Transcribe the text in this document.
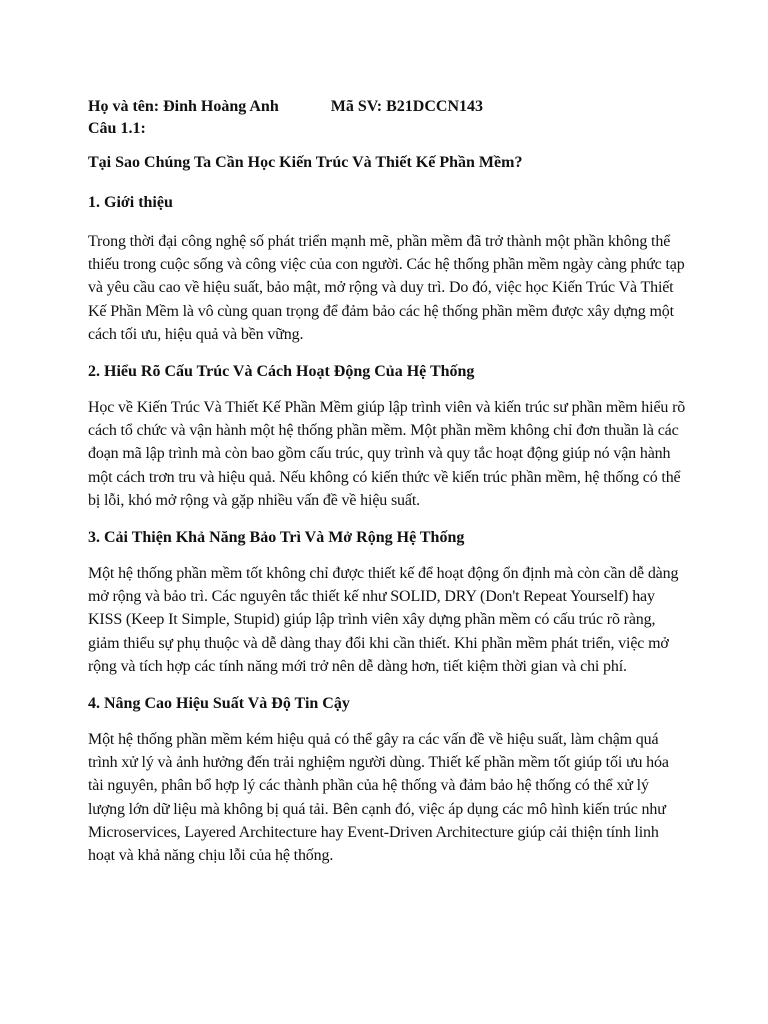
Họ và tên: Đinh Hoàng Anh	Mã SV: B21DCCN143

Câu 1.1:

Tại Sao Chúng Ta Cần Học Kiến Trúc Và Thiết Kế Phần Mềm?

1. Giới thiệu

Trong thời đại công nghệ số phát triển mạnh mẽ, phần mềm đã trở thành một phần không thể thiếu trong cuộc sống và công việc của con người. Các hệ thống phần mềm ngày càng phức tạp và yêu cầu cao về hiệu suất, bảo mật, mở rộng và duy trì. Do đó, việc học Kiến Trúc Và Thiết Kế Phần Mềm là vô cùng quan trọng để đảm bảo các hệ thống phần mềm được xây dựng một cách tối ưu, hiệu quả và bền vững.

2. Hiểu Rõ Cấu Trúc Và Cách Hoạt Động Của Hệ Thống

Học về Kiến Trúc Và Thiết Kế Phần Mềm giúp lập trình viên và kiến trúc sư phần mềm hiểu rõ cách tổ chức và vận hành một hệ thống phần mềm. Một phần mềm không chỉ đơn thuần là các đoạn mã lập trình mà còn bao gồm cấu trúc, quy trình và quy tắc hoạt động giúp nó vận hành một cách trơn tru và hiệu quả. Nếu không có kiến thức về kiến trúc phần mềm, hệ thống có thể bị lỗi, khó mở rộng và gặp nhiều vấn đề về hiệu suất.

3. Cải Thiện Khả Năng Bảo Trì Và Mở Rộng Hệ Thống

Một hệ thống phần mềm tốt không chỉ được thiết kế để hoạt động ổn định mà còn cần dễ dàng mở rộng và bảo trì. Các nguyên tắc thiết kế như SOLID, DRY (Don't Repeat Yourself) hay KISS (Keep It Simple, Stupid) giúp lập trình viên xây dựng phần mềm có cấu trúc rõ ràng, giảm thiểu sự phụ thuộc và dễ dàng thay đổi khi cần thiết. Khi phần mềm phát triển, việc mở rộng và tích hợp các tính năng mới trở nên dễ dàng hơn, tiết kiệm thời gian và chi phí.

4. Nâng Cao Hiệu Suất Và Độ Tin Cậy

Một hệ thống phần mềm kém hiệu quả có thể gây ra các vấn đề về hiệu suất, làm chậm quá trình xử lý và ảnh hưởng đến trải nghiệm người dùng. Thiết kế phần mềm tốt giúp tối ưu hóa tài nguyên, phân bổ hợp lý các thành phần của hệ thống và đảm bảo hệ thống có thể xử lý lượng lớn dữ liệu mà không bị quá tải. Bên cạnh đó, việc áp dụng các mô hình kiến trúc như Microservices, Layered Architecture hay Event-Driven Architecture giúp cải thiện tính linh hoạt và khả năng chịu lỗi của hệ thống.
